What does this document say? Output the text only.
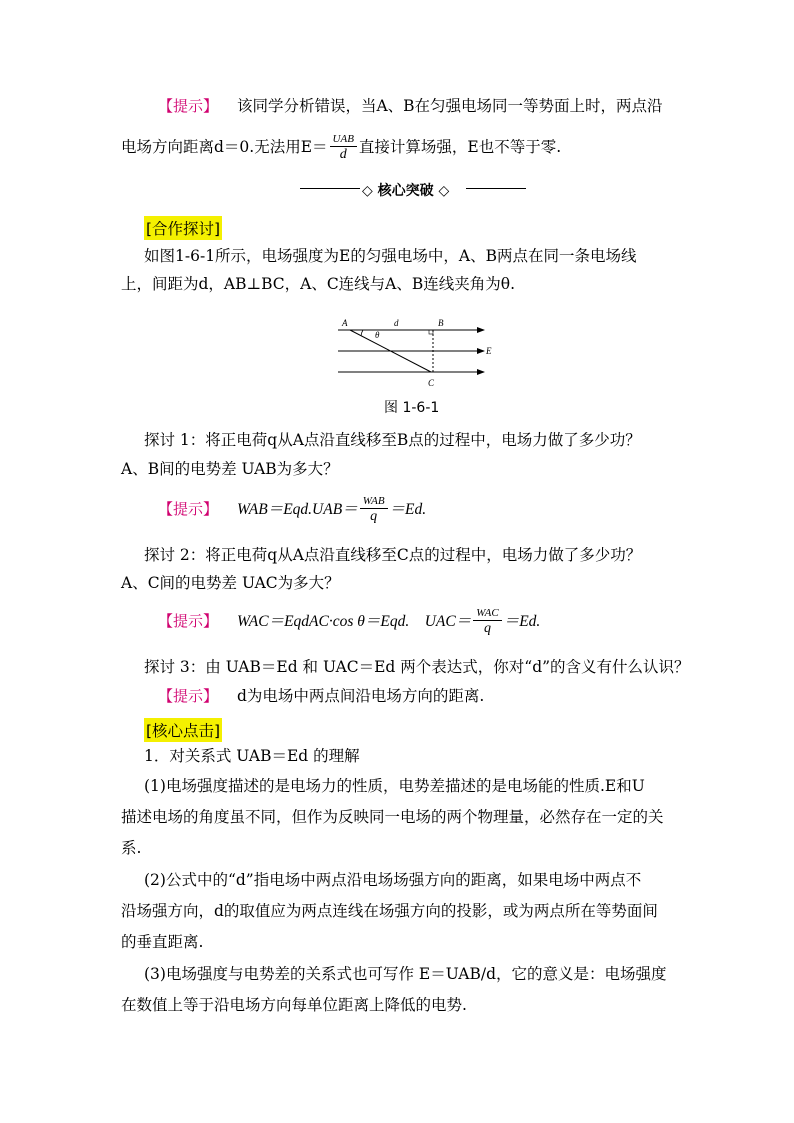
【提示】 该同学分析错误，当A、B在匀强电场同一等势面上时，两点沿
电场方向距离d＝0.无法用$E= \frac{\text{UAB}}{d}$ 直接计算场强，E也不等于零.
◇ 核心突破 ◇
[合作探讨]
如图1-6-1所示，电场强度为E的匀强电场中，A、B两点在同一条电场线
上，间距为d，AB⊥BC，A、C连线与A、B连线夹角为θ.
A	d	B
θ
E
C
图 1-6-1
探讨 1：将正电荷q从A点沿直线移至B点的过程中，电场力做了多少功？
A、B间的电势差 UAB为多大？
【提示】 $WAB=Eqd.UAB= \frac{\text{WAB}}{q} =Ed$.
探讨 2：将正电荷q从A点沿直线移至C点的过程中，电场力做了多少功？
A、C间的电势差 UAC为多大？
【提示】 WAC＝EqdAC·cos θ＝Eqd.　$UAC= \frac{\text{WAC}}{q} =Ed$.
探讨 3：由 UAB＝Ed 和 UAC＝Ed 两个表达式，你对“d”的含义有什么认识？
【提示】 d为电场中两点间沿电场方向的距离.
[核心点击]
1．对关系式 UAB＝Ed 的理解
(1)电场强度描述的是电场力的性质，电势差描述的是电场能的性质.E和U
描述电场的角度虽不同，但作为反映同一电场的两个物理量，必然存在一定的关
系.
(2)公式中的“d”指电场中两点沿电场场强方向的距离，如果电场中两点不
沿场强方向，d的取值应为两点连线在场强方向的投影，或为两点所在等势面间
的垂直距离.
(3)电场强度与电势差的关系式也可写作 E＝UAB/d，它的意义是：电场强度
在数值上等于沿电场方向每单位距离上降低的电势.
